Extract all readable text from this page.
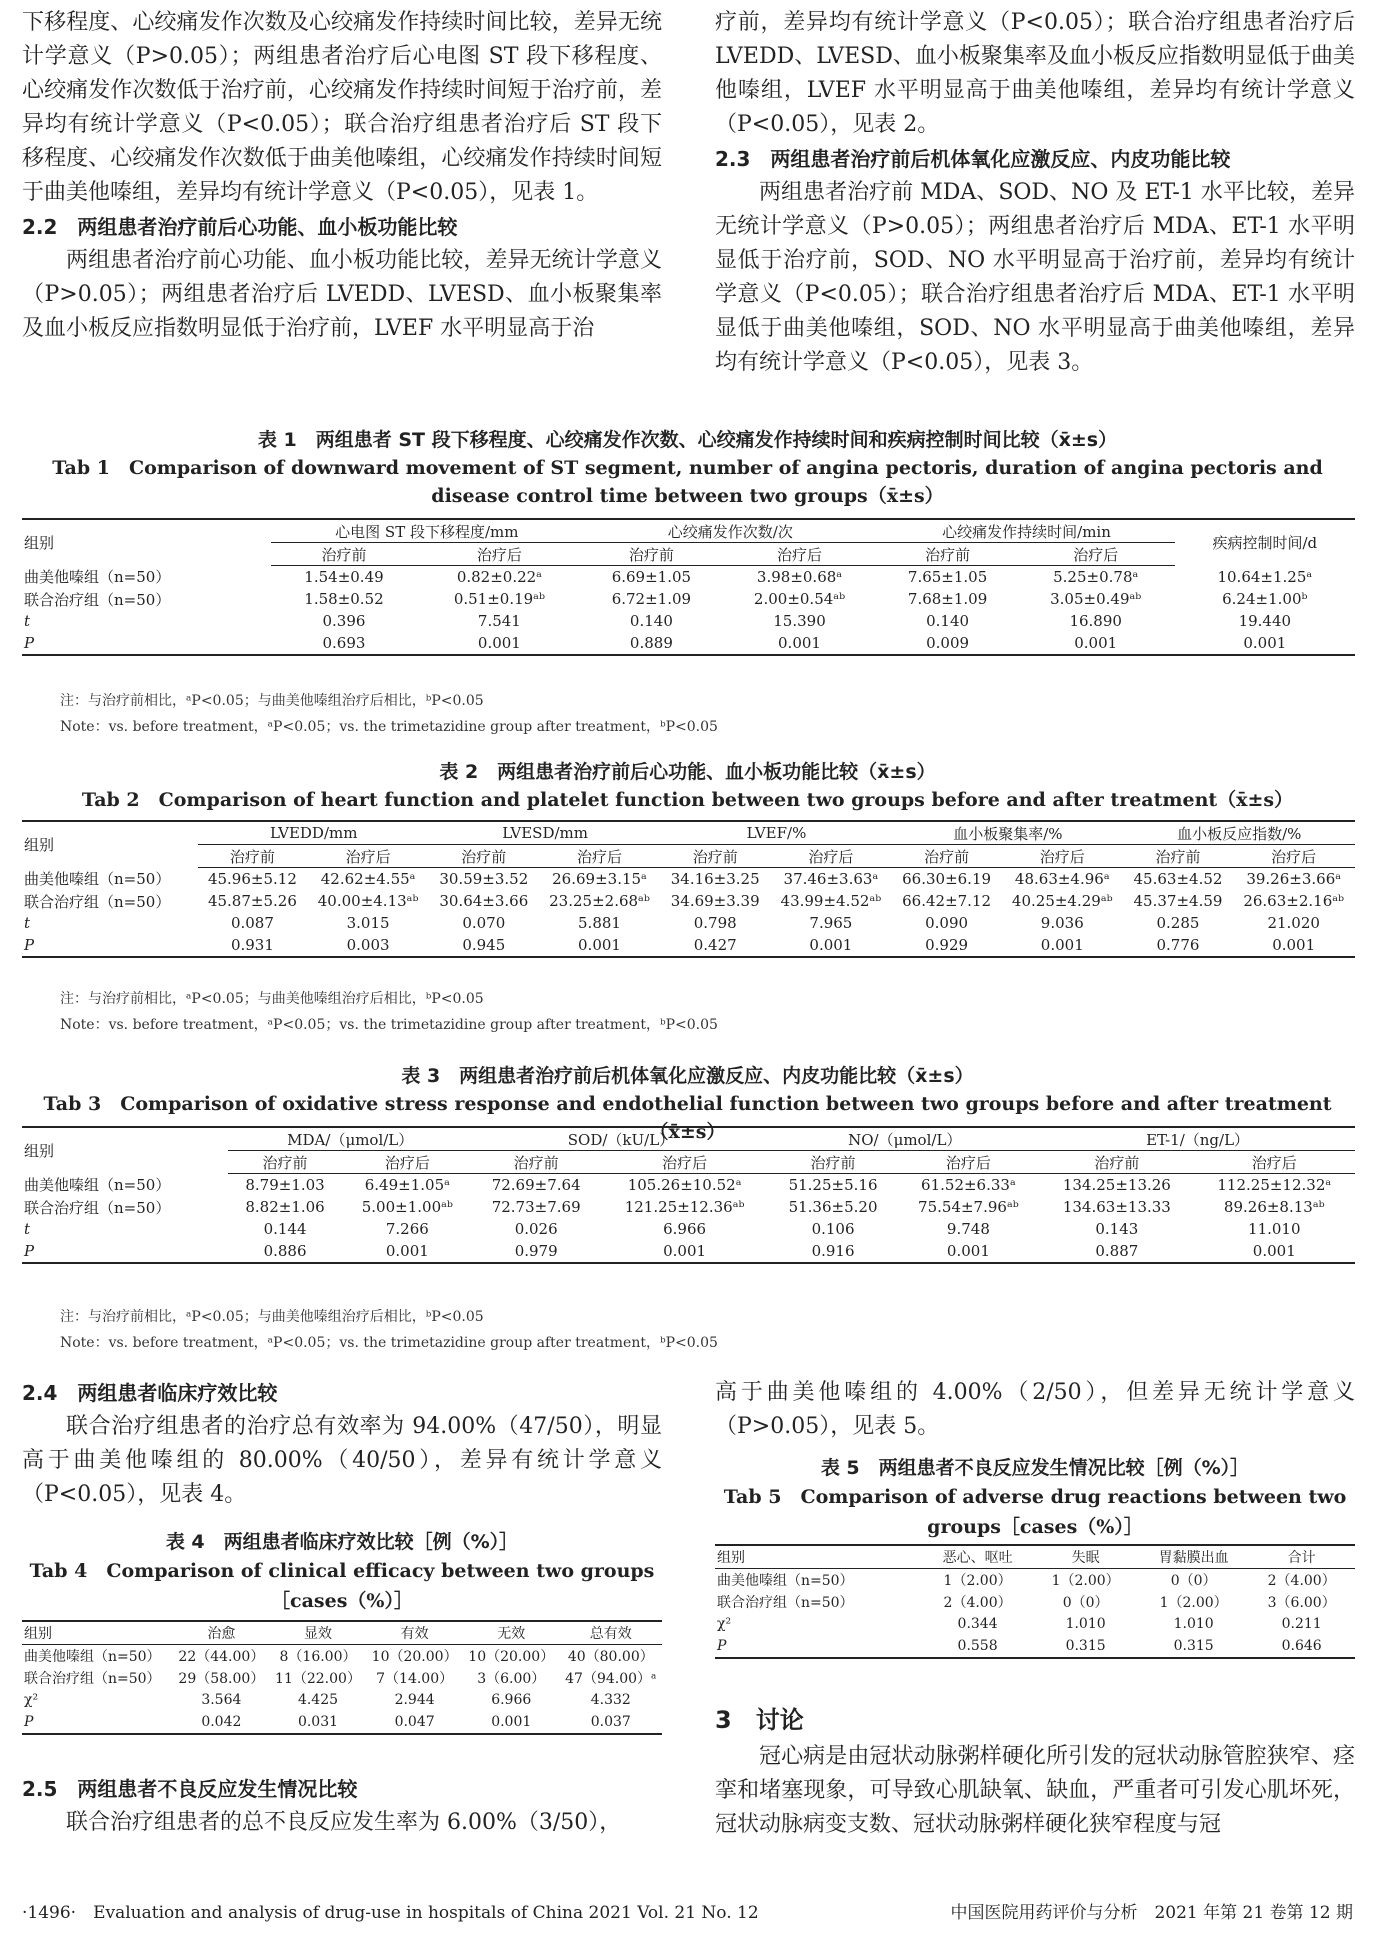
下移程度、心绞痛发作次数及心绞痛发作持续时间比较，差异无统计学意义（P>0.05）；两组患者治疗后心电图 ST 段下移程度、心绞痛发作次数低于治疗前，心绞痛发作持续时间短于治疗前，差异均有统计学意义（P<0.05）；联合治疗组患者治疗后 ST 段下移程度、心绞痛发作次数低于曲美他嗪组，心绞痛发作持续时间短于曲美他嗪组，差异均有统计学意义（P<0.05），见表 1。

2.2　两组患者治疗前后心功能、血小板功能比较

两组患者治疗前心功能、血小板功能比较，差异无统计学意义（P>0.05）；两组患者治疗后 LVEDD、LVESD、血小板聚集率及血小板反应指数明显低于治疗前，LVEF 水平明显高于治

疗前，差异均有统计学意义（P<0.05）；联合治疗组患者治疗后 LVEDD、LVESD、血小板聚集率及血小板反应指数明显低于曲美他嗪组，LVEF 水平明显高于曲美他嗪组，差异均有统计学意义（P<0.05），见表 2。

2.3　两组患者治疗前后机体氧化应激反应、内皮功能比较

两组患者治疗前 MDA、SOD、NO 及 ET-1 水平比较，差异无统计学意义（P>0.05）；两组患者治疗后 MDA、ET-1 水平明显低于治疗前，SOD、NO 水平明显高于治疗前，差异均有统计学意义（P<0.05）；联合治疗组患者治疗后 MDA、ET-1 水平明显低于曲美他嗪组，SOD、NO 水平明显高于曲美他嗪组，差异均有统计学意义（P<0.05），见表 3。

表 1　两组患者 ST 段下移程度、心绞痛发作次数、心绞痛发作持续时间和疾病控制时间比较（x̄±s）
Tab 1　Comparison of downward movement of ST segment, number of angina pectoris, duration of angina pectoris and disease control time between two groups（x̄±s）
组别	心电图 ST 段下移程度/mm		心绞痛发作次数/次		心绞痛发作持续时间/min		疾病控制时间/d
	治疗前	治疗后	治疗前	治疗后	治疗前	治疗后	
曲美他嗪组（n=50）	1.54±0.49	0.82±0.22ᵃ	6.69±1.05	3.98±0.68ᵃ	7.65±1.05	5.25±0.78ᵃ	10.64±1.25ᵃ
联合治疗组（n=50）	1.58±0.52	0.51±0.19ᵃᵇ	6.72±1.09	2.00±0.54ᵃᵇ	7.68±1.09	3.05±0.49ᵃᵇ	6.24±1.00ᵇ
t	0.396	7.541	0.140	15.390	0.140	16.890	19.440
P	0.693	0.001	0.889	0.001	0.009	0.001	0.001
注：与治疗前相比，ᵃP<0.05；与曲美他嗪组治疗后相比，ᵇP<0.05
Note：vs. before treatment，ᵃP<0.05；vs. the trimetazidine group after treatment，ᵇP<0.05
表 2　两组患者治疗前后心功能、血小板功能比较（x̄±s）
Tab 2　Comparison of heart function and platelet function between two groups before and after treatment（x̄±s）
组别	LVEDD/mm		LVESD/mm		LVEF/%		血小板聚集率/%		血小板反应指数/%	
	治疗前	治疗后	治疗前	治疗后	治疗前	治疗后	治疗前	治疗后	治疗前	治疗后
曲美他嗪组（n=50）	45.96±5.12	42.62±4.55ᵃ	30.59±3.52	26.69±3.15ᵃ	34.16±3.25	37.46±3.63ᵃ	66.30±6.19	48.63±4.96ᵃ	45.63±4.52	39.26±3.66ᵃ
联合治疗组（n=50）	45.87±5.26	40.00±4.13ᵃᵇ	30.64±3.66	23.25±2.68ᵃᵇ	34.69±3.39	43.99±4.52ᵃᵇ	66.42±7.12	40.25±4.29ᵃᵇ	45.37±4.59	26.63±2.16ᵃᵇ
t	0.087	3.015	0.070	5.881	0.798	7.965	0.090	9.036	0.285	21.020
P	0.931	0.003	0.945	0.001	0.427	0.001	0.929	0.001	0.776	0.001
注：与治疗前相比，ᵃP<0.05；与曲美他嗪组治疗后相比，ᵇP<0.05
Note：vs. before treatment，ᵃP<0.05；vs. the trimetazidine group after treatment，ᵇP<0.05
表 3　两组患者治疗前后机体氧化应激反应、内皮功能比较（x̄±s）
Tab 3　Comparison of oxidative stress response and endothelial function between two groups before and after treatment（x̄±s）
组别	MDA/（μmol/L）		SOD/（kU/L）		NO/（μmol/L）		ET-1/（ng/L）	
	治疗前	治疗后	治疗前	治疗后	治疗前	治疗后	治疗前	治疗后
曲美他嗪组（n=50）	8.79±1.03	6.49±1.05ᵃ	72.69±7.64	105.26±10.52ᵃ	51.25±5.16	61.52±6.33ᵃ	134.25±13.26	112.25±12.32ᵃ
联合治疗组（n=50）	8.82±1.06	5.00±1.00ᵃᵇ	72.73±7.69	121.25±12.36ᵃᵇ	51.36±5.20	75.54±7.96ᵃᵇ	134.63±13.33	89.26±8.13ᵃᵇ
t	0.144	7.266	0.026	6.966	0.106	9.748	0.143	11.010
P	0.886	0.001	0.979	0.001	0.916	0.001	0.887	0.001
注：与治疗前相比，ᵃP<0.05；与曲美他嗪组治疗后相比，ᵇP<0.05
Note：vs. before treatment，ᵃP<0.05；vs. the trimetazidine group after treatment，ᵇP<0.05

2.4　两组患者临床疗效比较

联合治疗组患者的治疗总有效率为 94.00%（47/50），明显高于曲美他嗪组的 80.00%（40/50），差异有统计学意义（P<0.05），见表 4。

表 4　两组患者临床疗效比较［例（%）］
Tab 4　Comparison of clinical efficacy between two groups［cases（%）］
组别	治愈	显效	有效	无效	总有效
曲美他嗪组（n=50）	22（44.00）	8（16.00）	10（20.00）	10（20.00）	40（80.00）
联合治疗组（n=50）	29（58.00）	11（22.00）	7（14.00）	3（6.00）	47（94.00）ᵃ
χ²	3.564	4.425	2.944	6.966	4.332
P	0.042	0.031	0.047	0.001	0.037

2.5　两组患者不良反应发生情况比较

联合治疗组患者的总不良反应发生率为 6.00%（3/50），

高于曲美他嗪组的 4.00%（2/50），但差异无统计学意义（P>0.05），见表 5。

表 5　两组患者不良反应发生情况比较［例（%）］
Tab 5　Comparison of adverse drug reactions between two groups［cases（%）］
组别	恶心、呕吐	失眠	胃黏膜出血	合计
曲美他嗪组（n=50）	1（2.00）	1（2.00）	0（0）	2（4.00）
联合治疗组（n=50）	2（4.00）	0（0）	1（2.00）	3（6.00）
χ²	0.344	1.010	1.010	0.211
P	0.558	0.315	0.315	0.646
3　讨论

冠心病是由冠状动脉粥样硬化所引发的冠状动脉管腔狭窄、痉挛和堵塞现象，可导致心肌缺氧、缺血，严重者可引发心肌坏死，冠状动脉病变支数、冠状动脉粥样硬化狭窄程度与冠

·1496·　Evaluation and analysis of drug-use in hospitals of China 2021 Vol. 21 No. 12	中国医院用药评价与分析　2021 年第 21 卷第 12 期
